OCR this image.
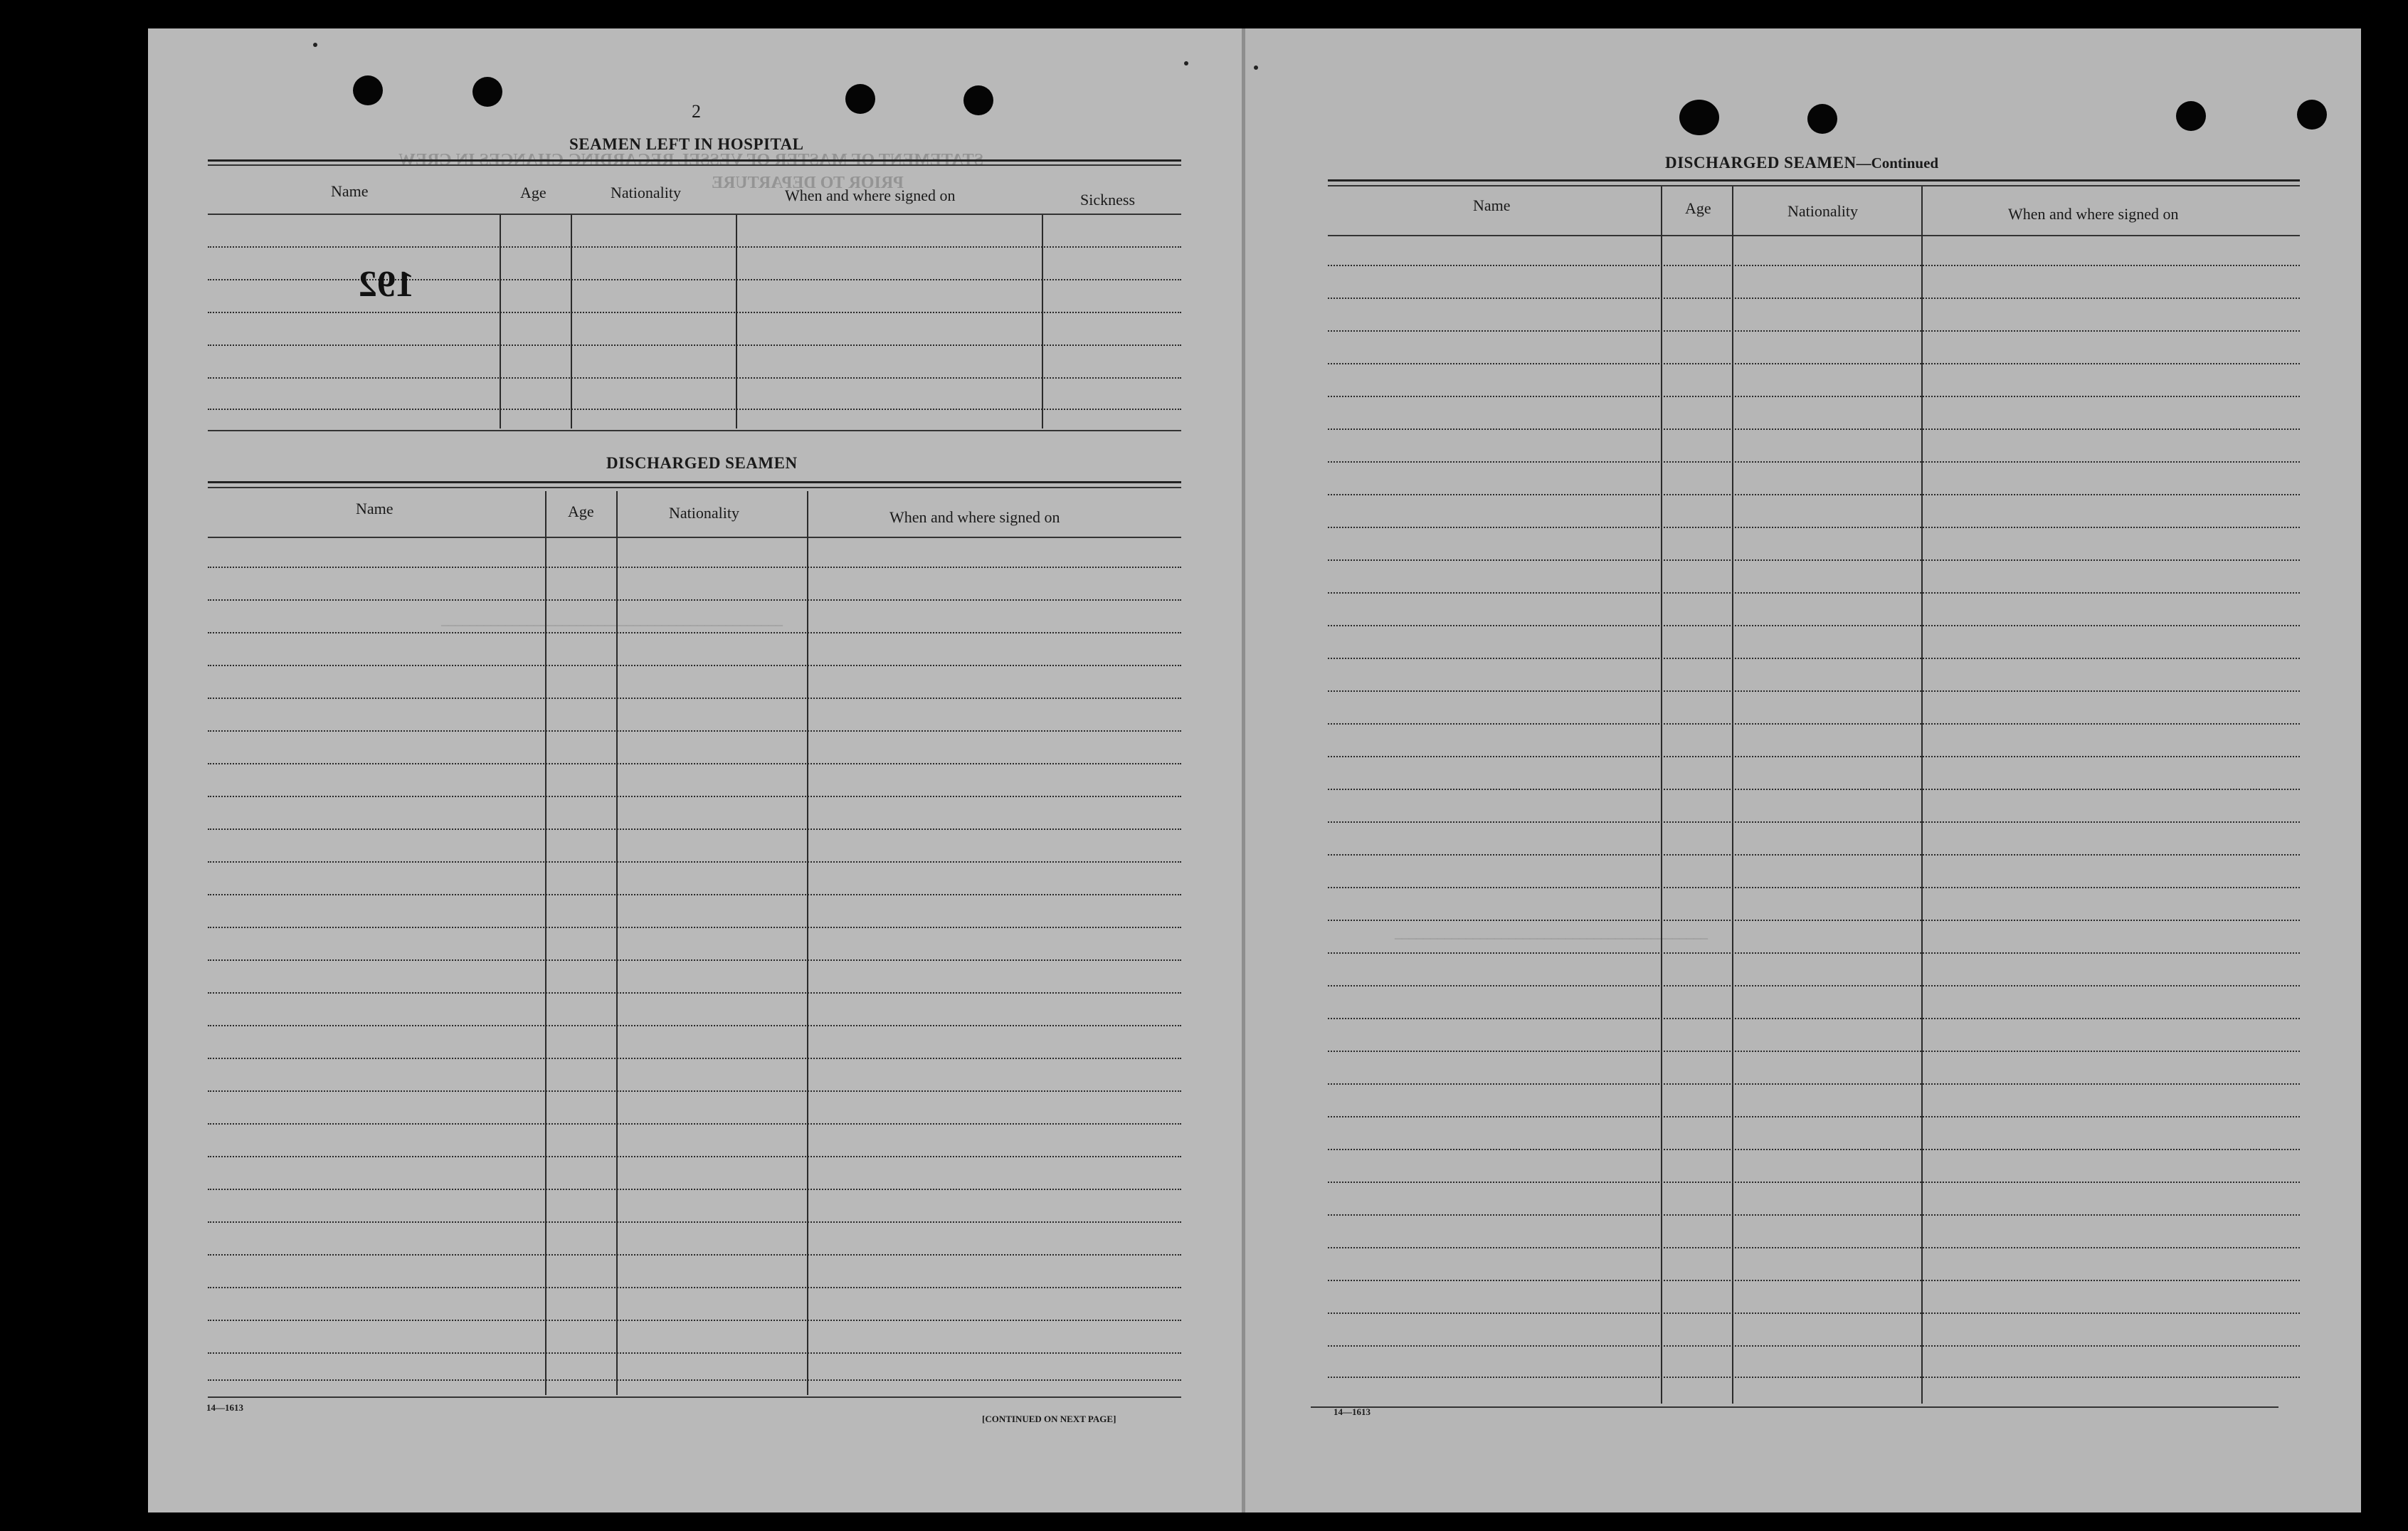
STATEMENT OF MASTER OF VESSEL REGARDING CHANGES IN CREW
PRIOR TO DEPARTURE
________________________________________________
____________________________________________
2
SEAMEN LEFT IN HOSPITAL
Name	Age	Nationality	When and where signed on	Sickness
192
DISCHARGED SEAMEN
Name	Age	Nationality	When and where signed on
14—1613
[CONTINUED ON NEXT PAGE]
DISCHARGED SEAMEN—Continued
Name	Age	Nationality	When and where signed on
14—1613
